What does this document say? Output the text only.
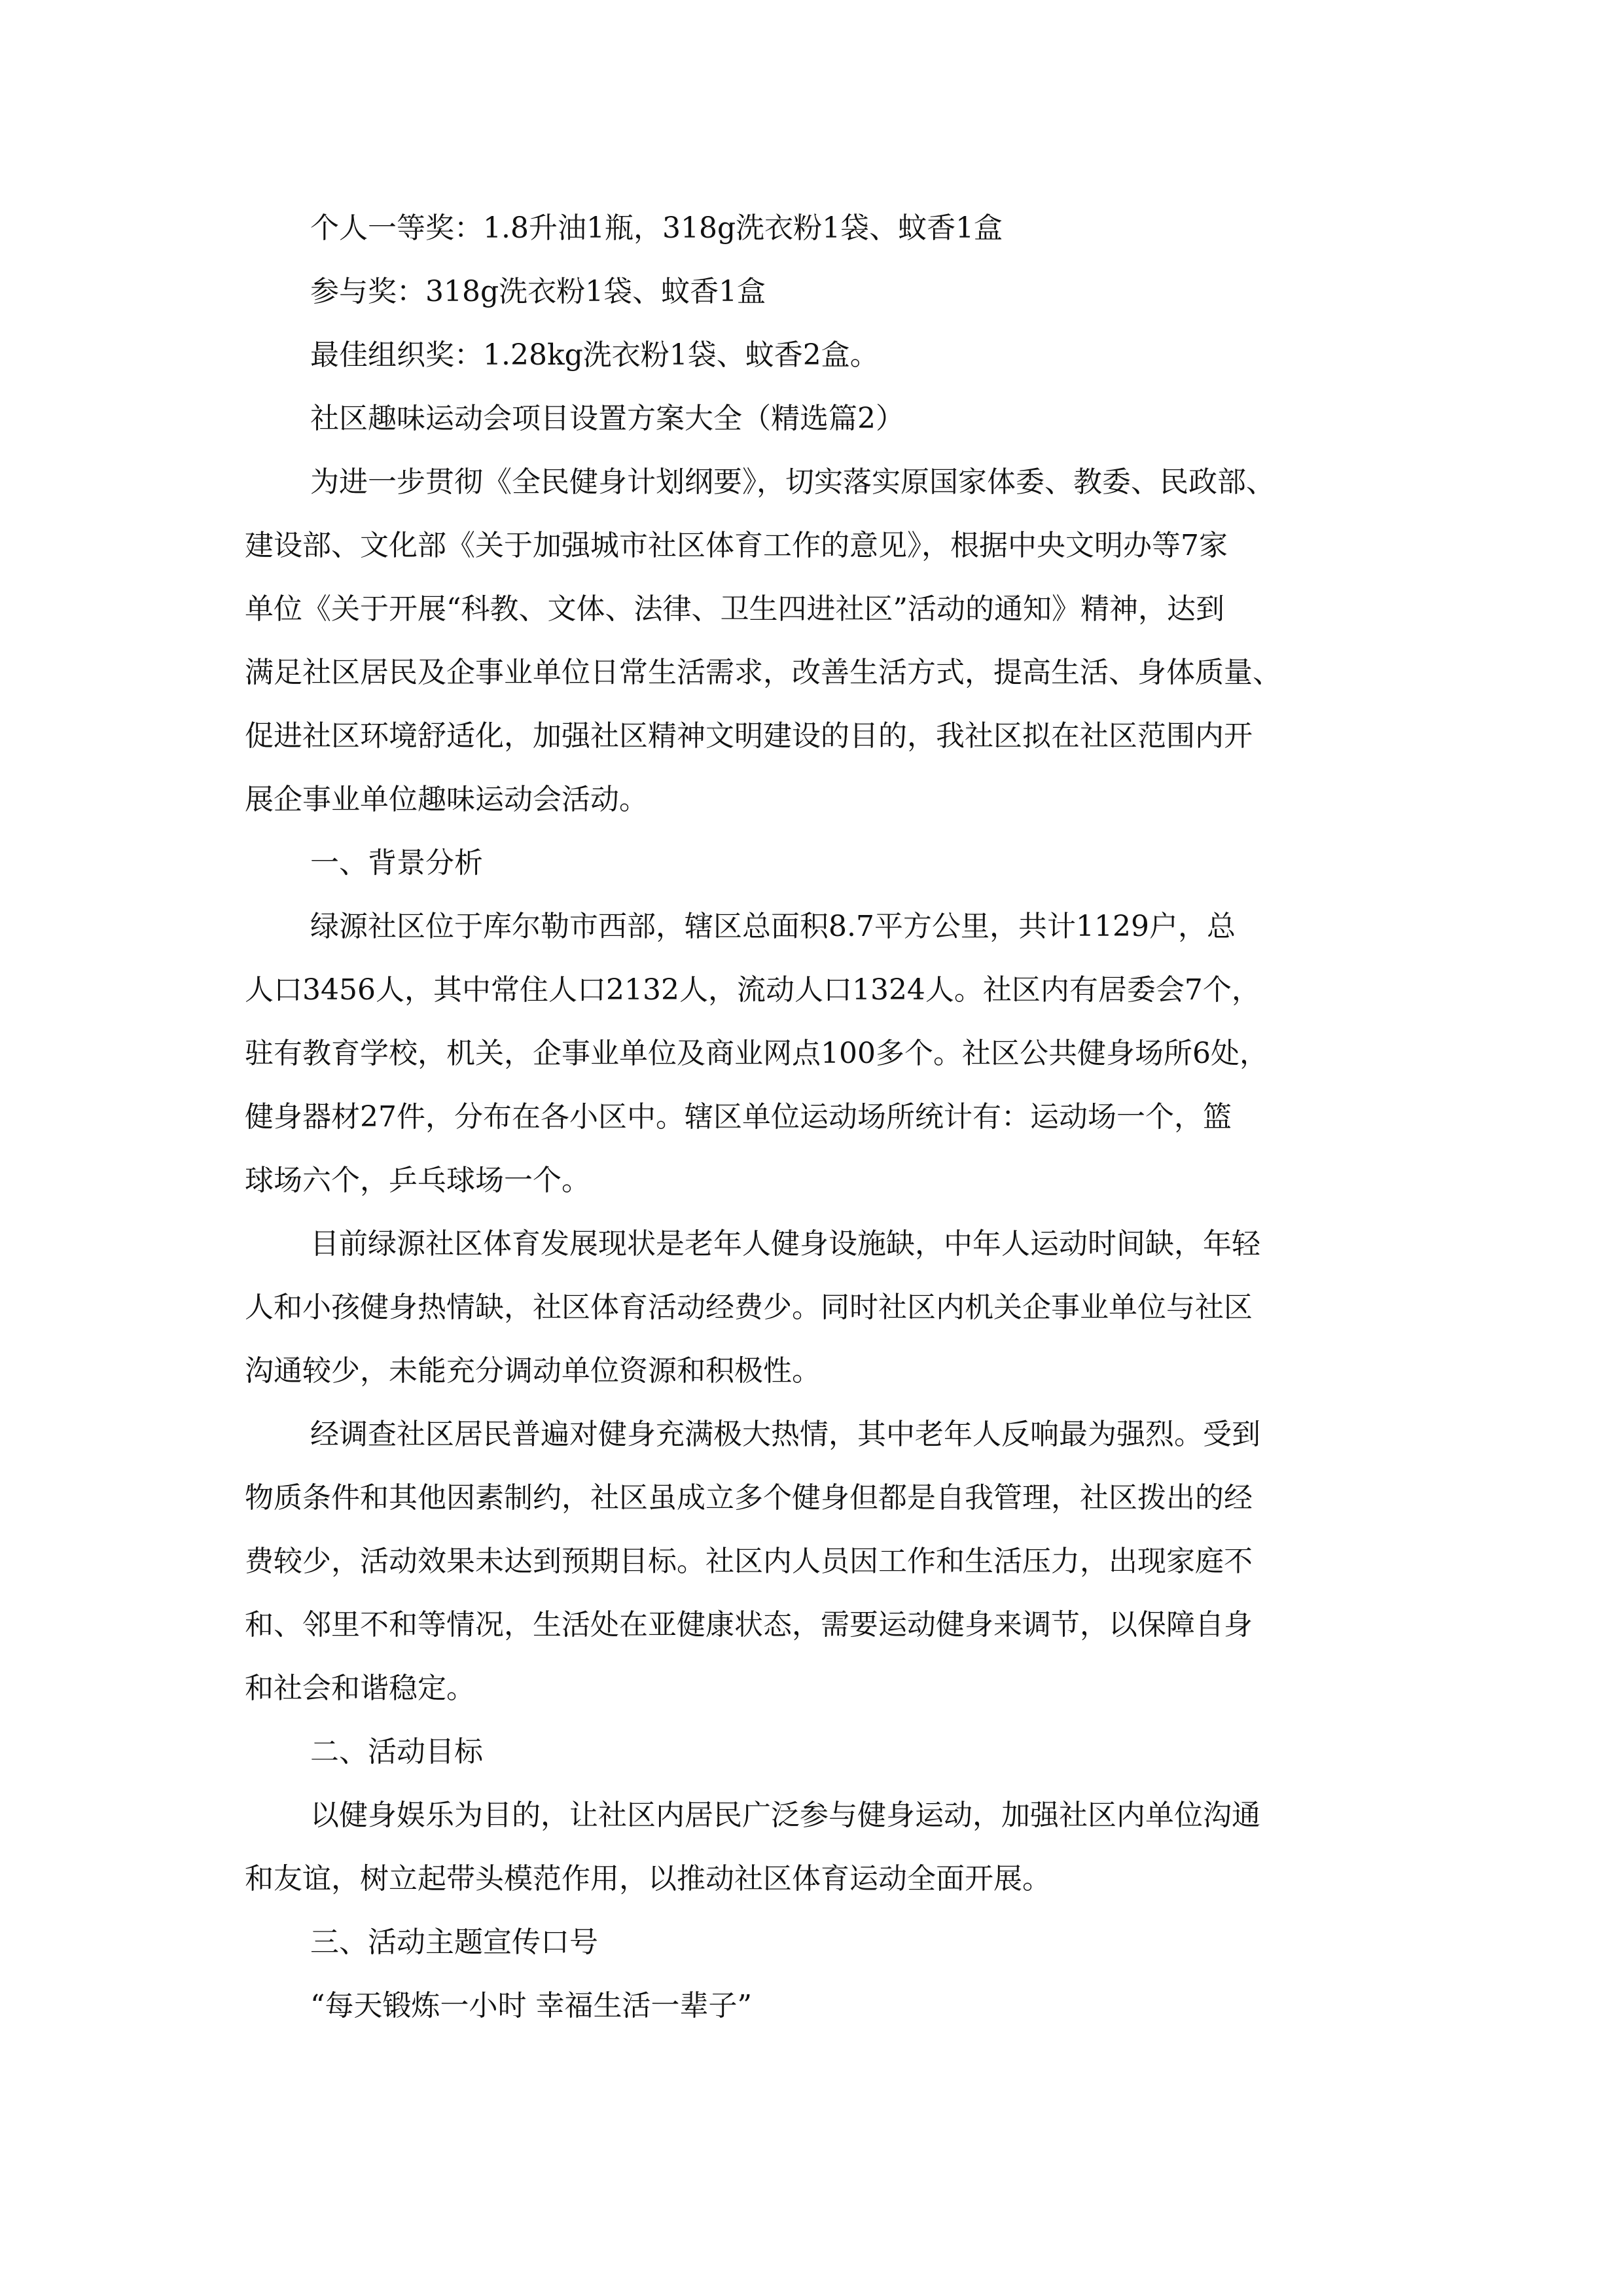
个人一等奖：1.8升油1瓶，318g洗衣粉1袋、蚊香1盒

参与奖：318g洗衣粉1袋、蚊香1盒

最佳组织奖：1.28kg洗衣粉1袋、蚊香2盒。

社区趣味运动会项目设置方案大全（精选篇2）

为进一步贯彻《全民健身计划纲要》，切实落实原国家体委、教委、民政部、

建设部、文化部《关于加强城市社区体育工作的意见》，根据中央文明办等7家

单位《关于开展“科教、文体、法律、卫生四进社区”活动的通知》精神，达到

满足社区居民及企事业单位日常生活需求，改善生活方式，提高生活、身体质量、

促进社区环境舒适化，加强社区精神文明建设的目的，我社区拟在社区范围内开

展企事业单位趣味运动会活动。

一、背景分析

绿源社区位于库尔勒市西部，辖区总面积8.7平方公里，共计1129户，总

人口3456人，其中常住人口2132人，流动人口1324人。社区内有居委会7个，

驻有教育学校，机关，企事业单位及商业网点100多个。社区公共健身场所6处，

健身器材27件，分布在各小区中。辖区单位运动场所统计有：运动场一个，篮

球场六个，乒乓球场一个。

目前绿源社区体育发展现状是老年人健身设施缺，中年人运动时间缺，年轻

人和小孩健身热情缺，社区体育活动经费少。同时社区内机关企事业单位与社区

沟通较少，未能充分调动单位资源和积极性。

经调查社区居民普遍对健身充满极大热情，其中老年人反响最为强烈。受到

物质条件和其他因素制约，社区虽成立多个健身但都是自我管理，社区拨出的经

费较少，活动效果未达到预期目标。社区内人员因工作和生活压力，出现家庭不

和、邻里不和等情况，生活处在亚健康状态，需要运动健身来调节，以保障自身

和社会和谐稳定。

二、活动目标

以健身娱乐为目的，让社区内居民广泛参与健身运动，加强社区内单位沟通

和友谊，树立起带头模范作用，以推动社区体育运动全面开展。

三、活动主题宣传口号

“每天锻炼一小时 幸福生活一辈子”
